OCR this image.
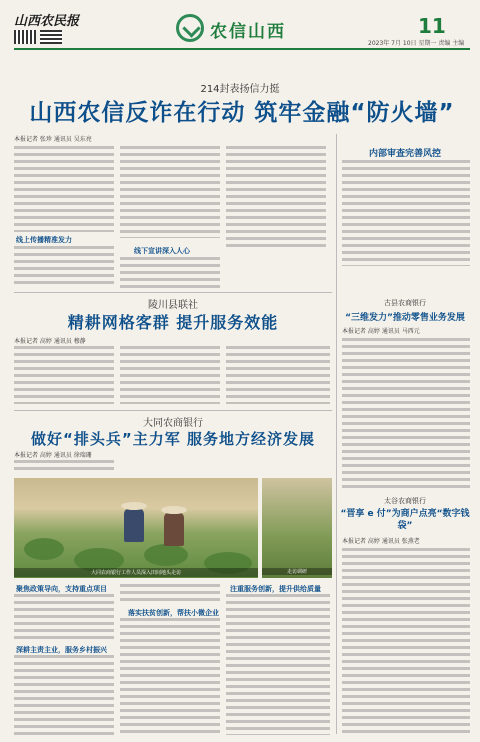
山西农民报
农信山西	11
2023年 7月 10日 星期一 责编 主编
214封表扬信力挺
山西农信反诈在行动 筑牢金融“防火墙”
本报记者 张珍 通讯员 吴东亮
线上传播精准发力
线下宣讲深入人心
内部审查完善风控
古县农商银行
“三维发力”推动零售业务发展
本报记者 高婷 通讯员 马西元
陵川县联社
精耕网格客群 提升服务效能
本报记者 高婷 通讯员 穆静
大同农商银行
做好“排头兵”主力军 服务地方经济发展
本报记者 高婷 通讯员 徐瑞珊
大同农商银行工作人员深入田间地头走访	走访调研
聚焦政策导向，支持重点项目
深耕主责主业，服务乡村振兴
落实扶贫创新，帮扶小微企业
注重服务创新，提升供给质量
太谷农商银行
“晋享 e 付”为商户点亮“数字钱袋”
本报记者 高婷 通讯员 张燕老
